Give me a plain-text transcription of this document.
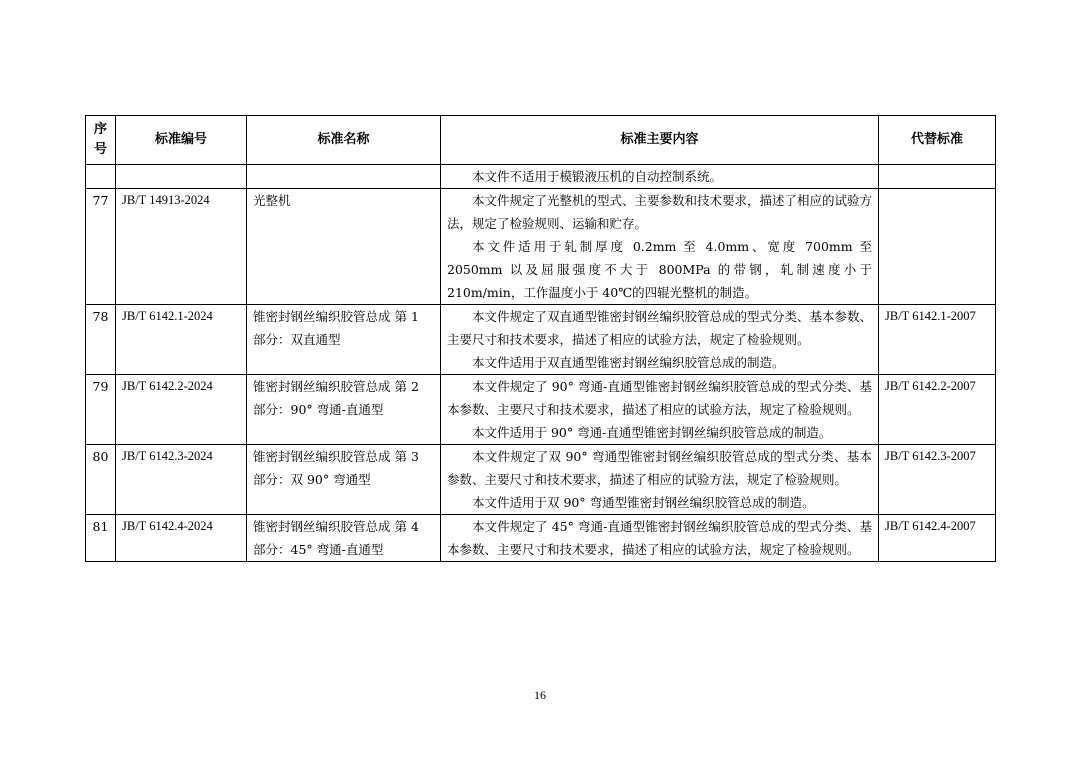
序
号	标准编号	标准名称	标准主要内容	代替标准

			本文件不适用于模锻液压机的自动控制系统。	

77	JB/T 14913-2024	光整机	本文件规定了光整机的型式、主要参数和技术要求，描述了相应的试验方法，规定了检验规则、运输和贮存。
本文件适用于轧制厚度 0.2mm 至 4.0mm、宽度 700mm 至 2050mm 以及屈服强度不大于 800MPa 的带钢，轧制速度小于 210m/min，工作温度小于 40℃的四辊光整机的制造。	

78	JB/T 6142.1-2024	锥密封钢丝编织胶管总成 第 1 部分：双直通型	本文件规定了双直通型锥密封钢丝编织胶管总成的型式分类、基本参数、主要尺寸和技术要求，描述了相应的试验方法，规定了检验规则。
本文件适用于双直通型锥密封钢丝编织胶管总成的制造。	JB/T 6142.1-2007
79	JB/T 6142.2-2024	锥密封钢丝编织胶管总成 第 2 部分：90° 弯通-直通型	本文件规定了 90° 弯通-直通型锥密封钢丝编织胶管总成的型式分类、基本参数、主要尺寸和技术要求，描述了相应的试验方法，规定了检验规则。
本文件适用于 90° 弯通-直通型锥密封钢丝编织胶管总成的制造。	JB/T 6142.2-2007
80	JB/T 6142.3-2024	锥密封钢丝编织胶管总成 第 3 部分：双 90° 弯通型	本文件规定了双 90° 弯通型锥密封钢丝编织胶管总成的型式分类、基本参数、主要尺寸和技术要求，描述了相应的试验方法，规定了检验规则。
本文件适用于双 90° 弯通型锥密封钢丝编织胶管总成的制造。	JB/T 6142.3-2007
81	JB/T 6142.4-2024	锥密封钢丝编织胶管总成 第 4 部分：45° 弯通-直通型	本文件规定了 45° 弯通-直通型锥密封钢丝编织胶管总成的型式分类、基本参数、主要尺寸和技术要求，描述了相应的试验方法，规定了检验规则。	JB/T 6142.4-2007
16
